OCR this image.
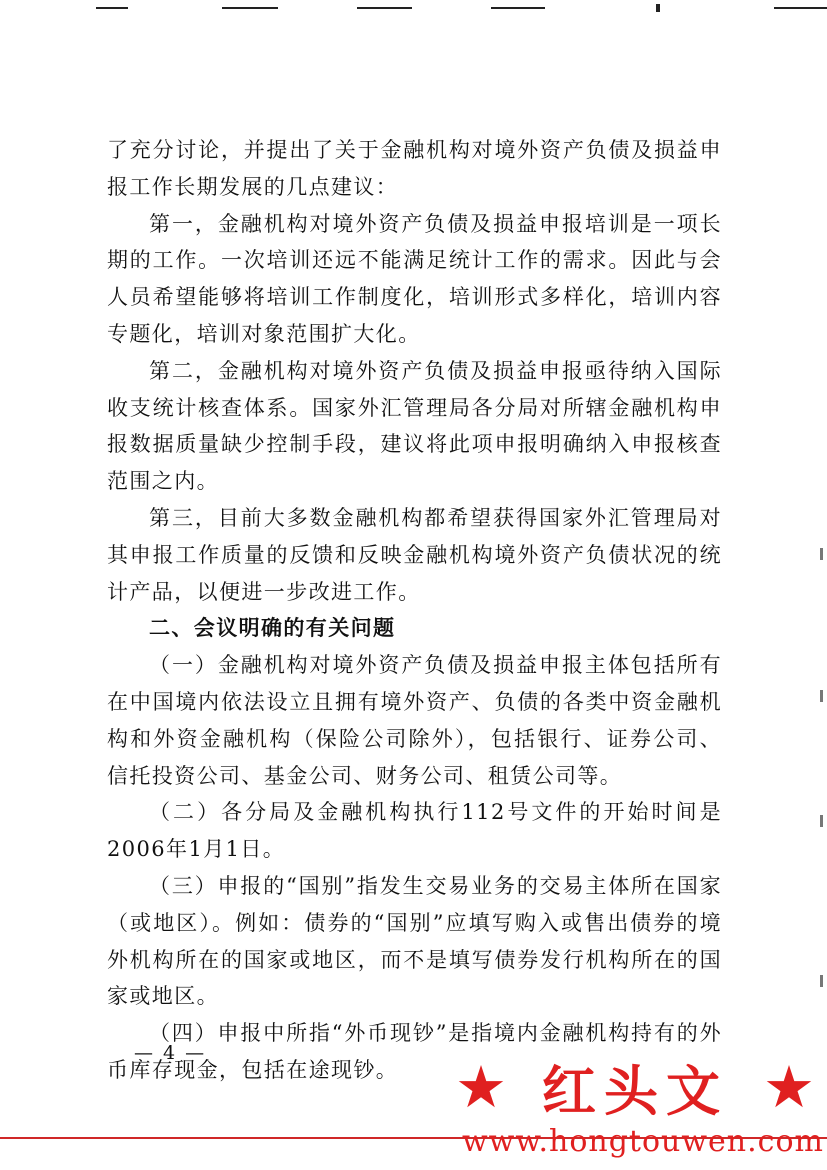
了充分讨论，并提出了关于金融机构对境外资产负债及损益申报工作长期发展的几点建议：

第一，金融机构对境外资产负债及损益申报培训是一项长期的工作。一次培训还远不能满足统计工作的需求。因此与会人员希望能够将培训工作制度化，培训形式多样化，培训内容专题化，培训对象范围扩大化。

第二，金融机构对境外资产负债及损益申报亟待纳入国际收支统计核查体系。国家外汇管理局各分局对所辖金融机构申报数据质量缺少控制手段，建议将此项申报明确纳入申报核查范围之内。

第三，目前大多数金融机构都希望获得国家外汇管理局对其申报工作质量的反馈和反映金融机构境外资产负债状况的统计产品，以便进一步改进工作。

二、会议明确的有关问题

（一）金融机构对境外资产负债及损益申报主体包括所有在中国境内依法设立且拥有境外资产、负债的各类中资金融机构和外资金融机构（保险公司除外），包括银行、证券公司、信托投资公司、基金公司、财务公司、租赁公司等。

（二）各分局及金融机构执行112号文件的开始时间是2006年1月1日。

（三）申报的“国别”指发生交易业务的交易主体所在国家（或地区）。例如：债券的“国别”应填写购入或售出债券的境外机构所在的国家或地区，而不是填写债券发行机构所在的国家或地区。

（四）申报中所指“外币现钞”是指境内金融机构持有的外币库存现金，包括在途现钞。

— 4 —	★ 红头文 ★
www.hongtouwen.com
